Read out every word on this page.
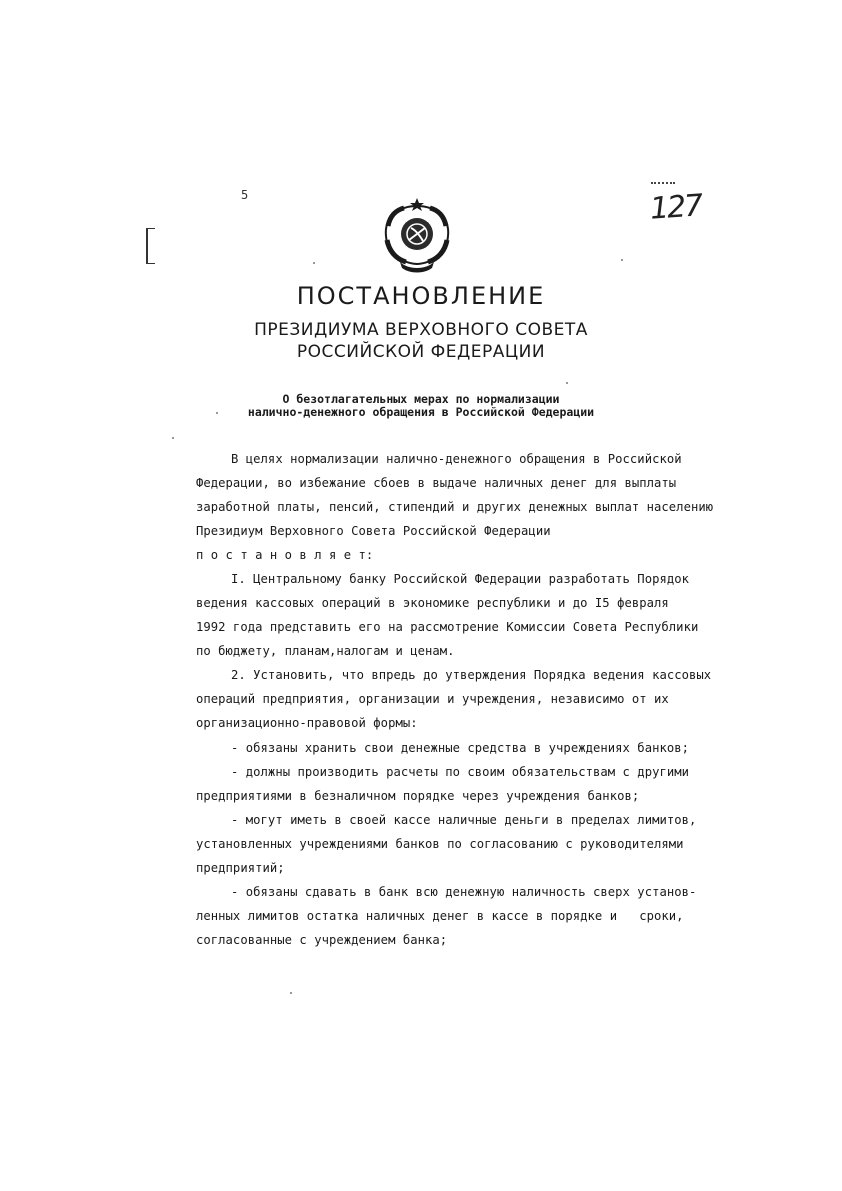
5	127
ПОСТАНОВЛЕНИЕ
ПРЕЗИДИУМА ВЕРХОВНОГО СОВЕТА
РОССИЙСКОЙ ФЕДЕРАЦИИ
О безотлагательных мерах по нормализации
налично-денежного обращения в Российской Федерации
В целях нормализации налично-денежного обращения в Российской
Федерации, во избежание сбоев в выдаче наличных денег для выплаты
заработной платы, пенсий, стипендий и других денежных выплат населению
Президиум Верховного Совета Российской Федерации
п о с т а н о в л я е т:
I. Центральному банку Российской Федерации разработать Порядок
ведения кассовых операций в экономике республики и до I5 февраля
1992 года представить его на рассмотрение Комиссии Совета Республики
по бюджету, планам,налогам и ценам.
2. Установить, что впредь до утверждения Порядка ведения кассовых
операций предприятия, организации и учреждения, независимо от их
организационно-правовой формы:
- обязаны хранить свои денежные средства в учреждениях банков;
- должны производить расчеты по своим обязательствам с другими
предприятиями в безналичном порядке через учреждения банков;
- могут иметь в своей кассе наличные деньги в пределах лимитов,
установленных учреждениями банков по согласованию с руководителями
предприятий;
- обязаны сдавать в банк всю денежную наличность сверх установ-
ленных лимитов остатка наличных денег в кассе в порядке и   сроки,
согласованные с учреждением банка;
